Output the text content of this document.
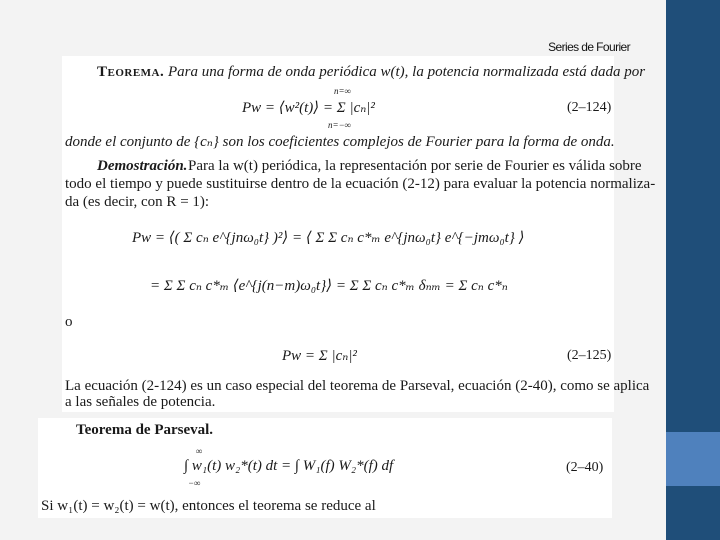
Series de Fourier
Teorema. Para una forma de onda periódica w(t), la potencia normalizada está dada por
n=∞
Pw = ⟨w²(t)⟩ = Σ |cₙ|²
n=−∞
(2–124)
donde el conjunto de {cₙ} son los coeficientes complejos de Fourier para la forma de onda.
Demostración. Para la w(t) periódica, la representación por serie de Fourier es válida sobre
todo el tiempo y puede sustituirse dentro de la ecuación (2-12) para evaluar la potencia normaliza-
da (es decir, con R = 1):
Pw = ⟨( Σ cₙ e^{jnω₀t} )²⟩ = ⟨ Σ Σ cₙ c*ₘ e^{jnω₀t} e^{−jmω₀t} ⟩
= Σ Σ cₙ c*ₘ ⟨e^{j(n−m)ω₀t}⟩ = Σ Σ cₙ c*ₘ δₙₘ = Σ cₙ c*ₙ
o
Pw = Σ |cₙ|²	(2–125)
La ecuación (2-124) es un caso especial del teorema de Parseval, ecuación (2-40), como se aplica
a las señales de potencia.
Teorema de Parseval.
∞
∫ w₁(t) w₂*(t) dt = ∫ W₁(f) W₂*(f) df
−∞
(2–40)
Si w₁(t) = w₂(t) = w(t), entonces el teorema se reduce al
